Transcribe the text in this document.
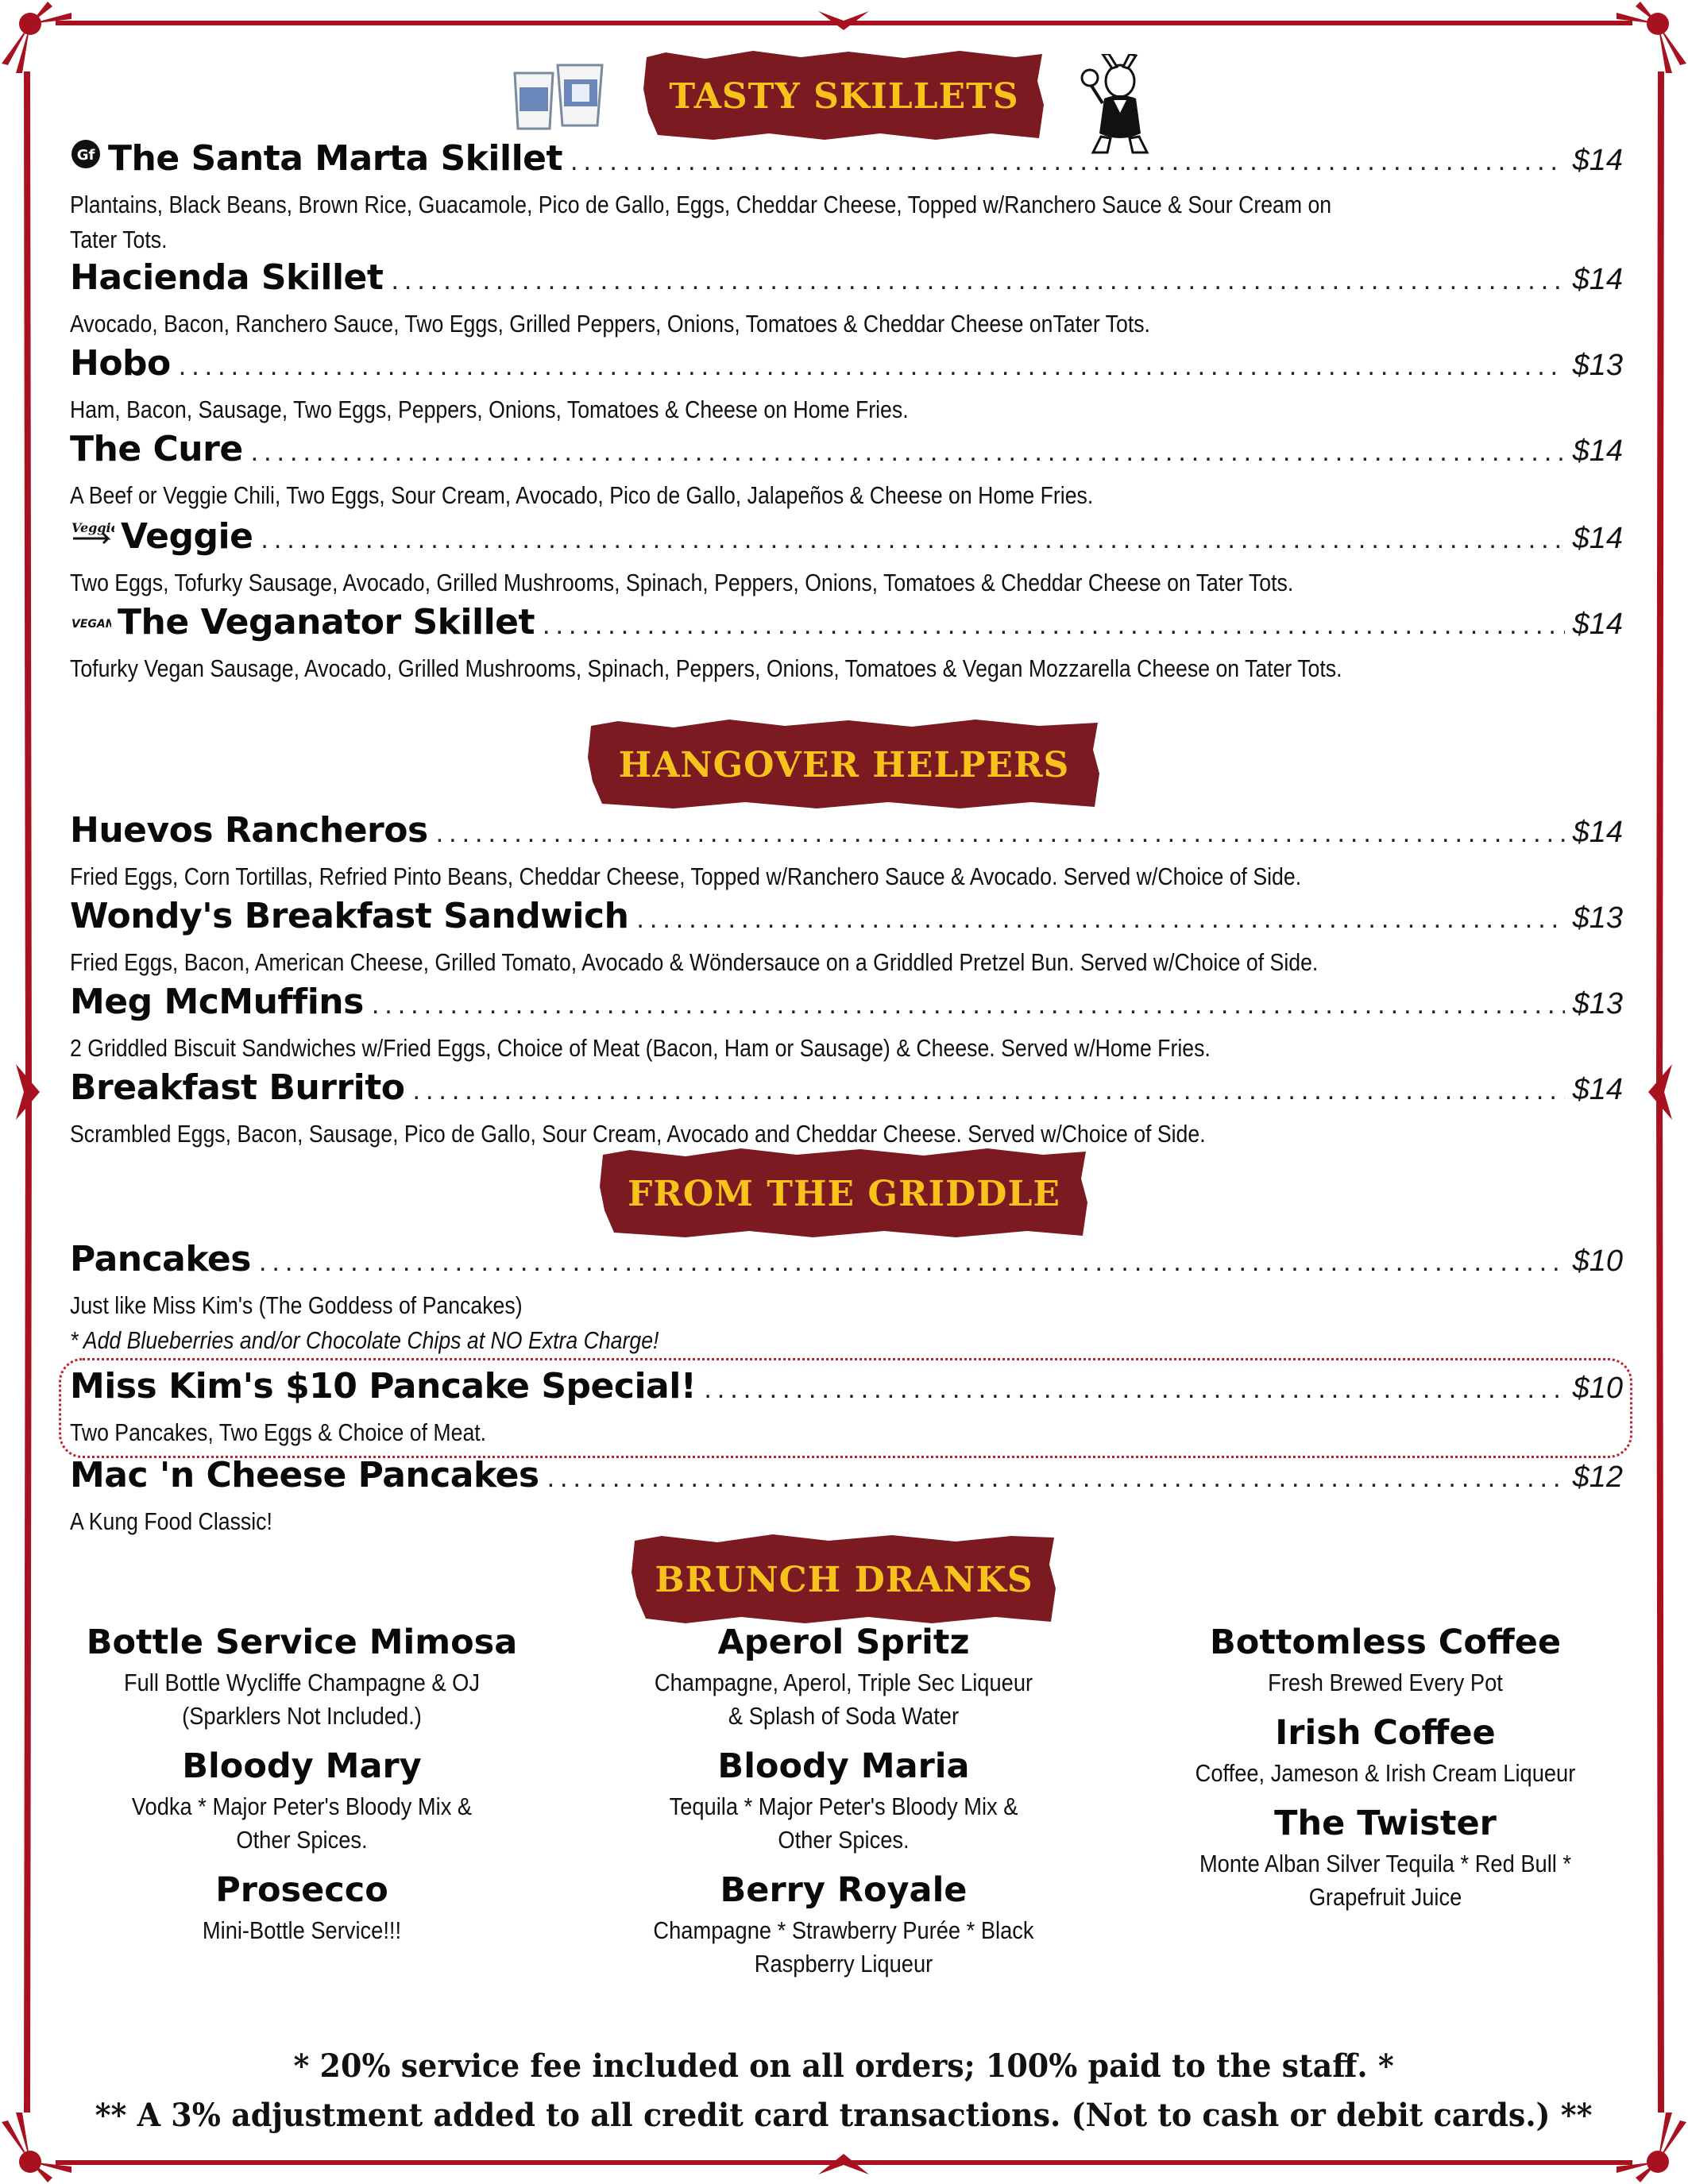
TASTY SKILLETS
Gf The Santa Marta Skillet .....	$14
Plantains, Black Beans, Brown Rice, Guacamole, Pico de Gallo, Eggs, Cheddar Cheese, Topped w/Ranchero Sauce & Sour Cream on
Tater Tots.
Hacienda Skillet .....	$14
Avocado, Bacon, Ranchero Sauce, Two Eggs, Grilled Peppers, Onions, Tomatoes & Cheddar Cheese onTater Tots.
Hobo .....	$13
Ham, Bacon, Sausage, Two Eggs, Peppers, Onions, Tomatoes & Cheese on Home Fries.
The Cure .....	$14
A Beef or Veggie Chili, Two Eggs, Sour Cream, Avocado, Pico de Gallo, Jalapeños & Cheese on Home Fries.
Veggie Veggie .....	$14
Two Eggs, Tofurky Sausage, Avocado, Grilled Mushrooms, Spinach, Peppers, Onions, Tomatoes & Cheddar Cheese on Tater Tots.
VEGAN The Veganator Skillet .....	$14
Tofurky Vegan Sausage, Avocado, Grilled Mushrooms, Spinach, Peppers, Onions, Tomatoes & Vegan Mozzarella Cheese on Tater Tots.
HANGOVER HELPERS
Huevos Rancheros .....	$14
Fried Eggs, Corn Tortillas, Refried Pinto Beans, Cheddar Cheese, Topped w/Ranchero Sauce & Avocado. Served w/Choice of Side.
Wondy's Breakfast Sandwich .....	$13
Fried Eggs, Bacon, American Cheese, Grilled Tomato, Avocado & Wöndersauce on a Griddled Pretzel Bun. Served w/Choice of Side.
Meg McMuffins .....	$13
2 Griddled Biscuit Sandwiches w/Fried Eggs, Choice of Meat (Bacon, Ham or Sausage) & Cheese. Served w/Home Fries.
Breakfast Burrito .....	$14
Scrambled Eggs, Bacon, Sausage, Pico de Gallo, Sour Cream, Avocado and Cheddar Cheese. Served w/Choice of Side.
FROM THE GRIDDLE
Pancakes .....	$10
Just like Miss Kim's (The Goddess of Pancakes)
* Add Blueberries and/or Chocolate Chips at NO Extra Charge!
Miss Kim's $10 Pancake Special! .....	$10
Two Pancakes, Two Eggs & Choice of Meat.
Mac 'n Cheese Pancakes .....	$12
A Kung Food Classic!
BRUNCH DRANKS
Bottle Service Mimosa
Full Bottle Wycliffe Champagne & OJ (Sparklers Not Included.)
Bloody Mary
Vodka * Major Peter's Bloody Mix & Other Spices.
Prosecco
Mini-Bottle Service!!!
Aperol Spritz
Champagne, Aperol, Triple Sec Liqueur & Splash of Soda Water
Bloody Maria
Tequila * Major Peter's Bloody Mix & Other Spices.
Berry Royale
Champagne * Strawberry Purée * Black Raspberry Liqueur
Bottomless Coffee
Fresh Brewed Every Pot
Irish Coffee
Coffee, Jameson & Irish Cream Liqueur
The Twister
Monte Alban Silver Tequila * Red Bull * Grapefruit Juice
* 20% service fee included on all orders; 100% paid to the staff. *
** A 3% adjustment added to all credit card transactions. (Not to cash or debit cards.) **
